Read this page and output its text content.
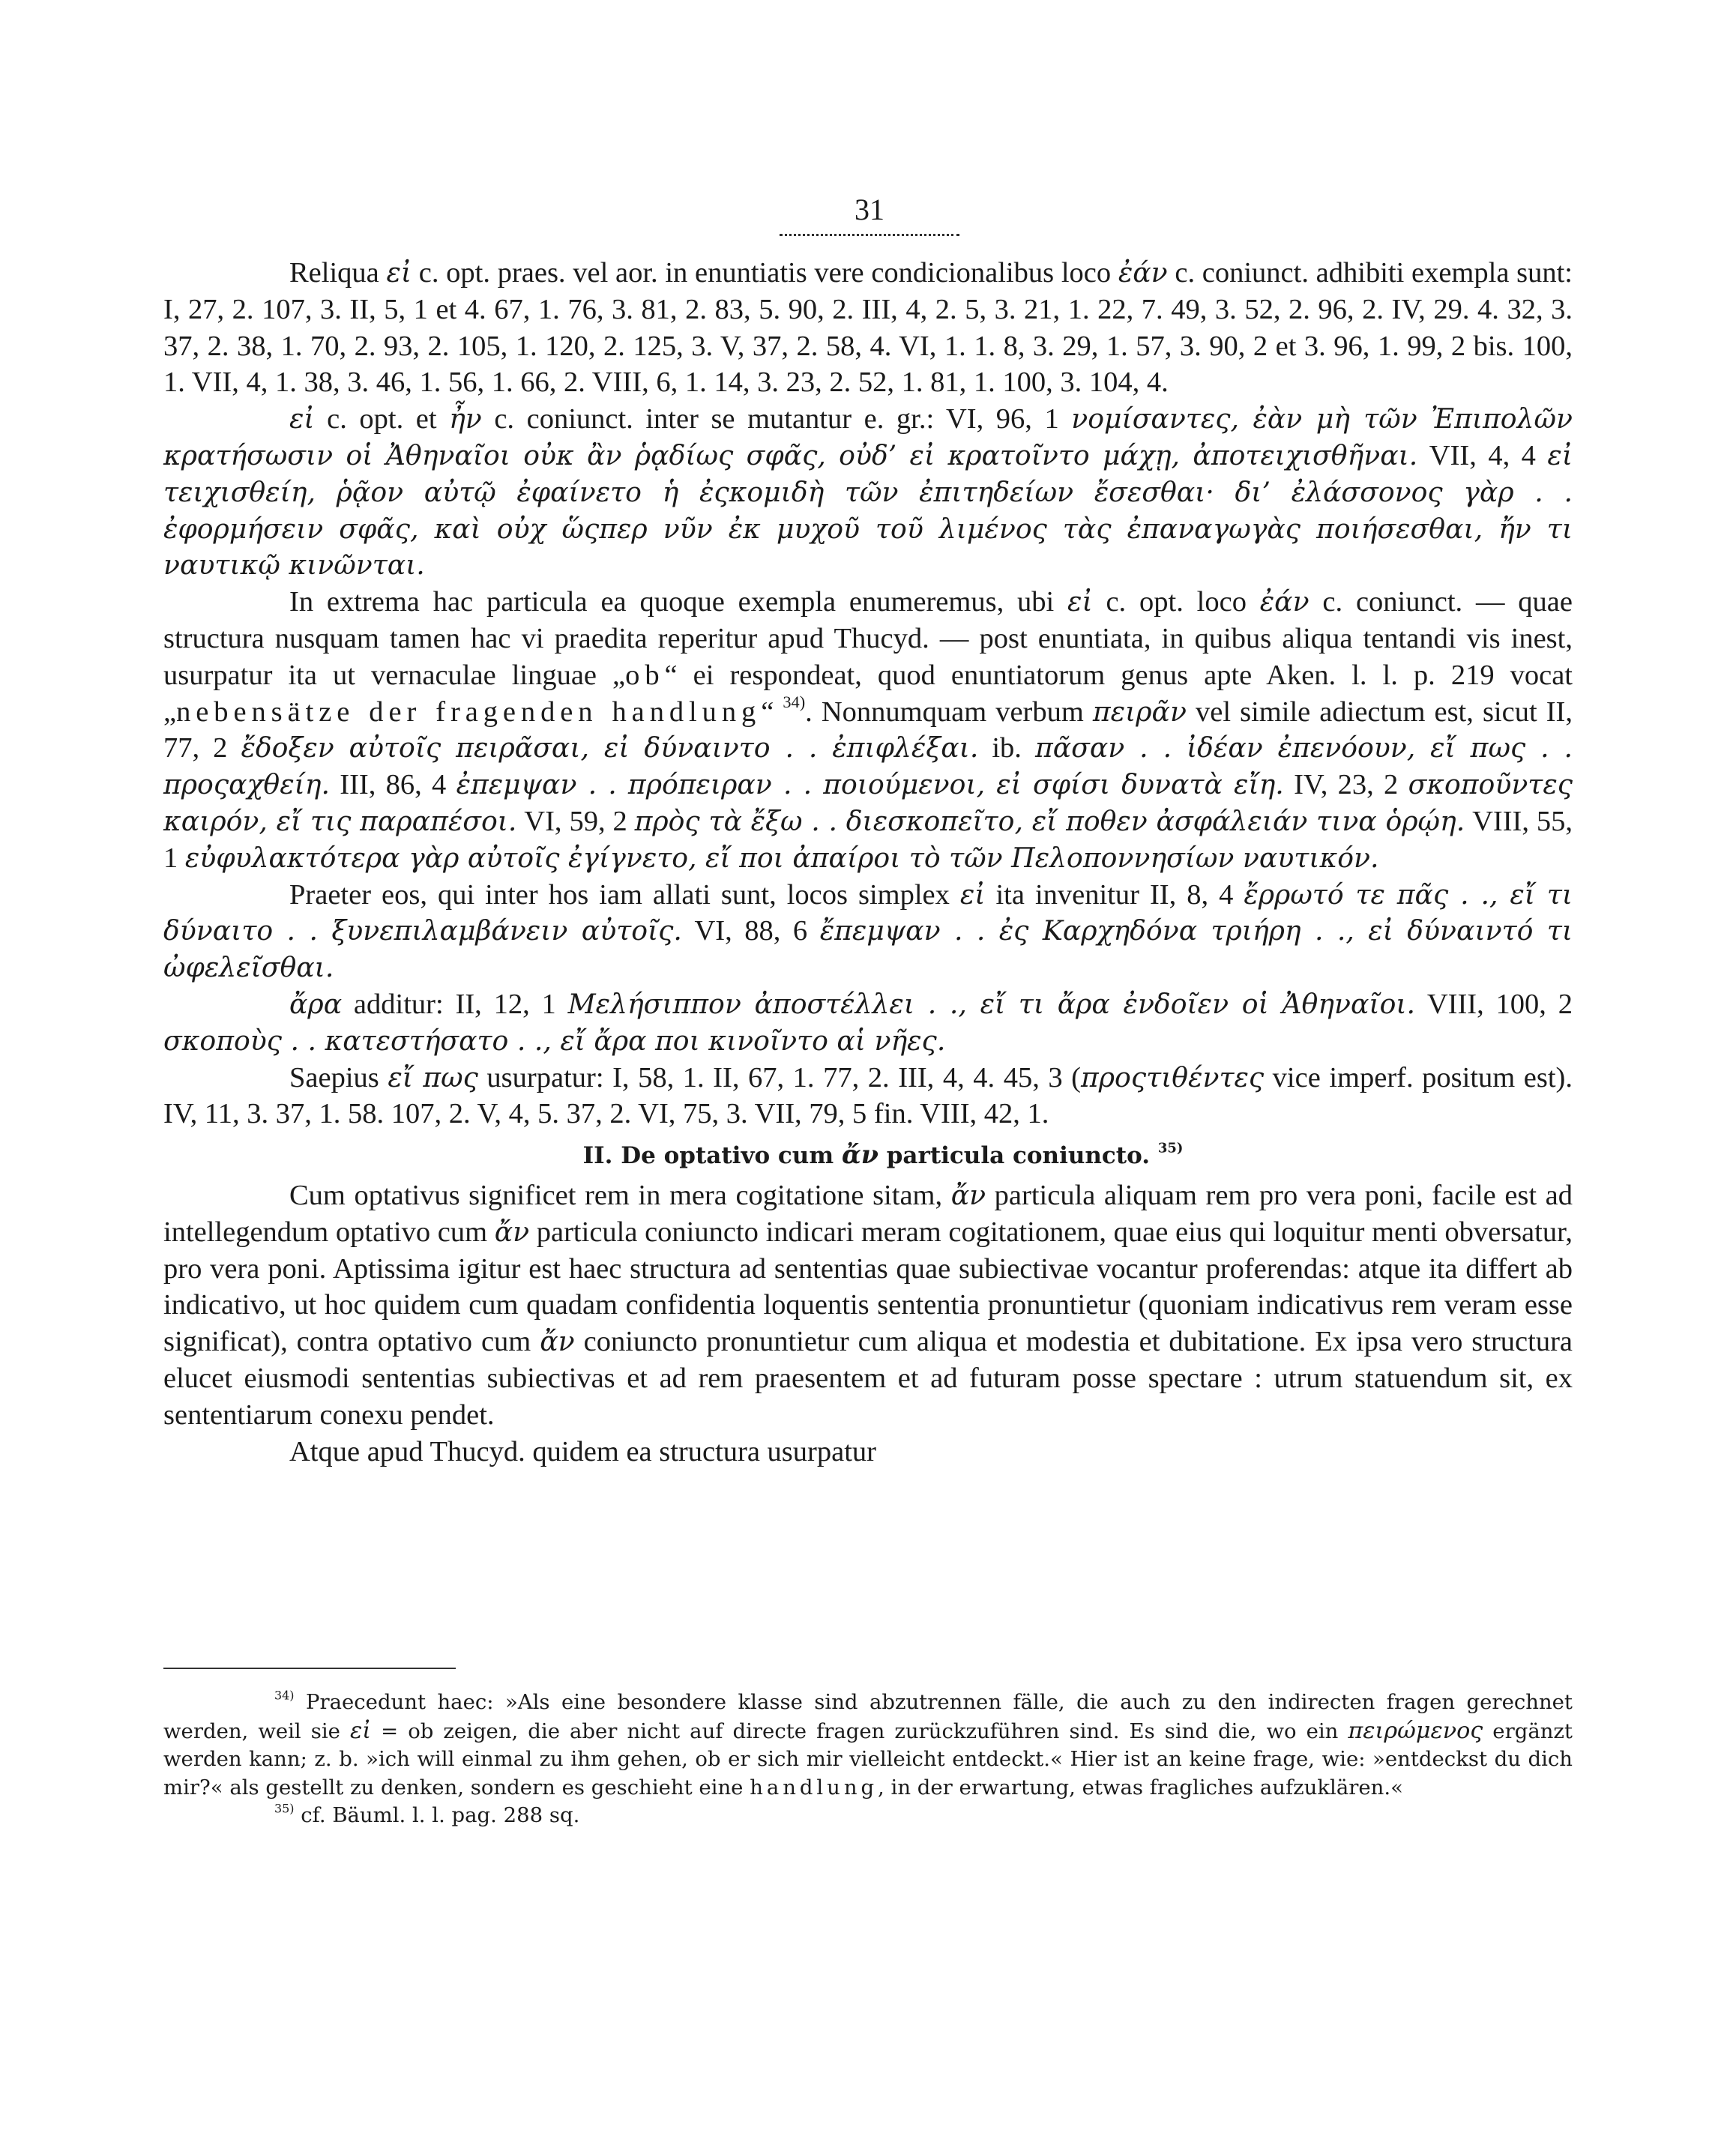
31

Reliqua εἰ c. opt. praes. vel aor. in enuntiatis vere condicionalibus loco ἐάν c. coniunct. adhibiti exempla sunt: I, 27, 2. 107, 3. II, 5, 1 et 4. 67, 1. 76, 3. 81, 2. 83, 5. 90, 2. III, 4, 2. 5, 3. 21, 1. 22, 7. 49, 3. 52, 2. 96, 2. IV, 29. 4. 32, 3. 37, 2. 38, 1. 70, 2. 93, 2. 105, 1. 120, 2. 125, 3. V, 37, 2. 58, 4. VI, 1. 1. 8, 3. 29, 1. 57, 3. 90, 2 et 3. 96, 1. 99, 2 bis. 100, 1. VII, 4, 1. 38, 3. 46, 1. 56, 1. 66, 2. VIII, 6, 1. 14, 3. 23, 2. 52, 1. 81, 1. 100, 3. 104, 4.

εἰ c. opt. et ἦν c. coniunct. inter se mutantur e. gr.: VI, 96, 1 νομίσαντες, ἐὰν μὴ τῶν Ἐπιπολῶν κρατήσωσιν οἱ Ἀθηναῖοι οὐκ ἂν ῥᾳδίως σφᾶς, οὐδ’ εἰ κρατοῖντο μάχῃ, ἀποτειχισθῆναι. VII, 4, 4 εἰ τειχισθείη, ῥᾷον αὐτῷ ἐφαίνετο ἡ ἐςκομιδὴ τῶν ἐπιτηδείων ἔσεσθαι· δι’ ἐλάσσονος γὰρ . . ἐφορμήσειν σφᾶς, καὶ οὐχ ὥςπερ νῦν ἐκ μυχοῦ τοῦ λιμένος τὰς ἐπαναγωγὰς ποιήσεσθαι, ἤν τι ναυτικῷ κινῶνται.

In extrema hac particula ea quoque exempla enumeremus, ubi εἰ c. opt. loco ἐάν c. coniunct. — quae structura nusquam tamen hac vi praedita reperitur apud Thucyd. — post enuntiata, in quibus aliqua tentandi vis inest, usurpatur ita ut vernaculae linguae „ob“ ei respondeat, quod enuntiatorum genus apte Aken. l. l. p. 219 vocat „nebensätze der fragenden handlung“ $^{34)}$. Nonnumquam verbum πειρᾶν vel simile adiectum est, sicut II, 77, 2 ἔδοξεν αὐτοῖς πειρᾶσαι, εἰ δύναιντο . . ἐπιφλέξαι. ib. πᾶσαν . . ἰδέαν ἐπενόουν, εἴ πως . . προςαχθείη. III, 86, 4 ἐπεμψαν . . πρόπειραν . . ποιούμενοι, εἰ σφίσι δυνατὰ εἴη. IV, 23, 2 σκοποῦντες καιρόν, εἴ τις παραπέσοι. VI, 59, 2 πρὸς τὰ ἔξω . . διεσκοπεῖτο, εἴ ποθεν ἀσφάλειάν τινα ὁρῴη. VIII, 55, 1 εὐφυλακτότερα γὰρ αὐτοῖς ἐγίγνετο, εἴ ποι ἀπαίροι τὸ τῶν Πελοποννησίων ναυτικόν.

Praeter eos, qui inter hos iam allati sunt, locos simplex εἰ ita invenitur II, 8, 4 ἔρρωτό τε πᾶς . ., εἴ τι δύναιτο . . ξυνεπιλαμβάνειν αὐτοῖς. VI, 88, 6 ἔπεμψαν . . ἐς Καρχηδόνα τριήρη . ., εἰ δύναιντό τι ὠφελεῖσθαι.

ἄρα additur: II, 12, 1 Μελήσιππον ἀποστέλλει . ., εἴ τι ἄρα ἐνδοῖεν οἱ Ἀθηναῖοι. VIII, 100, 2 σκοποὺς . . κατεστήσατο . ., εἴ ἄρα ποι κινοῖντο αἱ νῆες.

Saepius εἴ πως usurpatur: I, 58, 1. II, 67, 1. 77, 2. III, 4, 4. 45, 3 (προςτιθέντες vice imperf. positum est). IV, 11, 3. 37, 1. 58. 107, 2. V, 4, 5. 37, 2. VI, 75, 3. VII, 79, 5 fin. VIII, 42, 1.

II. De optativo cum ἄν particula coniuncto. $^{35)}$

Cum optativus significet rem in mera cogitatione sitam, ἄν particula aliquam rem pro vera poni, facile est ad intellegendum optativo cum ἄν particula coniuncto indicari meram cogitationem, quae eius qui loquitur menti obversatur, pro vera poni. Aptissima igitur est haec structura ad sententias quae subiectivae vocantur proferendas: atque ita differt ab indicativo, ut hoc quidem cum quadam confidentia loquentis sententia pronuntietur (quoniam indicativus rem veram esse significat), contra optativo cum ἄν coniuncto pronuntietur cum aliqua et modestia et dubitatione. Ex ipsa vero structura elucet eiusmodi sententias subiectivas et ad rem praesentem et ad futuram posse spectare : utrum statuendum sit, ex sententiarum conexu pendet.

Atque apud Thucyd. quidem ea structura usurpatur

$^{34)}$ Praecedunt haec: »Als eine besondere klasse sind abzutrennen fälle, die auch zu den indirecten fragen gerechnet werden, weil sie εἰ = ob zeigen, die aber nicht auf directe fragen zurückzuführen sind. Es sind die, wo ein πειρώμενος ergänzt werden kann; z. b. »ich will einmal zu ihm gehen, ob er sich mir vielleicht entdeckt.« Hier ist an keine frage, wie: »entdeckst du dich mir?« als gestellt zu denken, sondern es geschieht eine handlung, in der erwartung, etwas fragliches aufzuklären.«

$^{35)}$ cf. Bäuml. l. l. pag. 288 sq.
